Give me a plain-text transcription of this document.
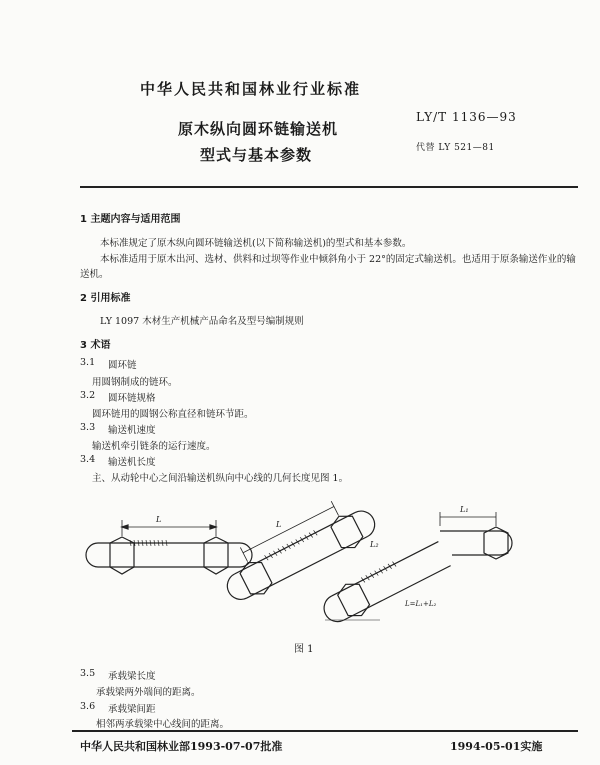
中华人民共和国林业行业标准
LY/T 1136—93
代替 LY 521—81
原木纵向圆环链输送机
型式与基本参数
1 主题内容与适用范围
本标准规定了原木纵向圆环链输送机(以下简称输送机)的型式和基本参数。
本标准适用于原木出河、选材、供料和过坝等作业中倾斜角小于 22°的固定式输送机。也适用于原条输送作业的输送机。
2 引用标准
LY 1097 木材生产机械产品命名及型号编制规则
3 术语
3.1 圆环链
用圆钢制成的链环。
3.2 圆环链规格
圆环链用的圆钢公称直径和链环节距。
3.3 输送机速度
输送机牵引链条的运行速度。
3.4 输送机长度
主、从动轮中心之间沿输送机纵向中心线的几何长度见图 1。
L
L
L₁
L₂
L=L₁+L₂
图 1
3.5 承载梁长度
承载梁两外端间的距离。
3.6 承载梁间距
相邻两承载梁中心线间的距离。
中华人民共和国林业部1993-07-07批准	1994-05-01实施
